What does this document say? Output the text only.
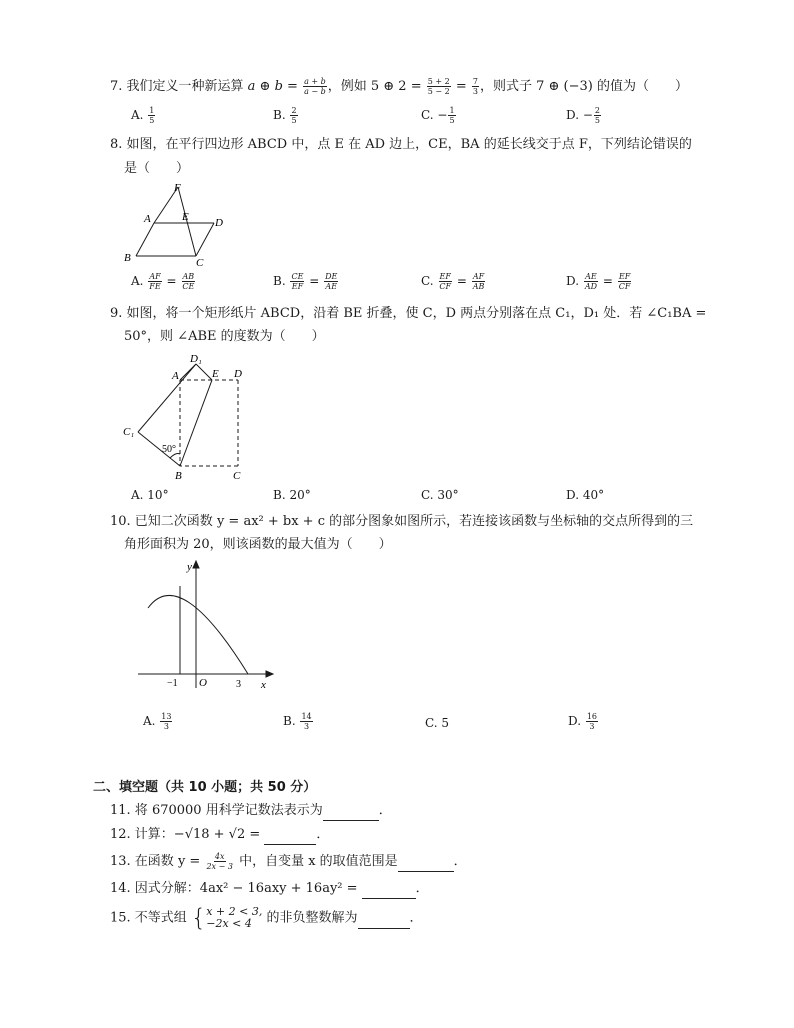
7. 我们定义一种新运算 a ⊕ $b = \frac{a + b}{a - b}$ ，例如 5 ⊕ $2 = \frac{5 + 2}{5 - 2} = \frac{7}{3}$ ，则式子 7 ⊕ (−3) 的值为（　　）
A. $\frac{1}{5}$	B. $\frac{2}{5}$	C. − $\frac{1}{5}$	D. − $\frac{2}{5}$
8. 如图，在平行四边形 ABCD 中，点 E 在 AD 边上，CE，BA 的延长线交于点 F，下列结论错误的
是（　　）
F
A	E D
B	C
A. $\frac{AF}{FE} = \frac{AB}{CE}$	B. $\frac{CE}{EF} = \frac{DE}{AE}$	C. $\frac{EF}{CF} = \frac{AF}{AB}$	D. $\frac{AE}{AD} = \frac{EF}{CF}$
9. 如图，将一个矩形纸片 ABCD，沿着 BE 折叠，使 C，D 两点分别落在点 C₁，D₁ 处．若 ∠C₁BA =
50°，则 ∠ABE 的度数为（　　）
D₁
A	E D
C₁
50°
B	C
A. 10°	B. 20°	C. 30°	D. 40°
10. 已知二次函数 y = ax² + bx + c 的部分图象如图所示，若连接该函数与坐标轴的交点所得到的三
角形面积为 20，则该函数的最大值为（　　）
y
x
−1 O	3
A. $\frac{13}{3}$	B. $\frac{14}{3}$	C. 5	D. $\frac{16}{3}$
二、填空题（共 10 小题；共 50 分）
11. 将 670000 用科学记数法表示为	．
12. 计算：−√18 + √2 =	．
13. 在函数 $y = \frac{4x}{2x - 3}$ 中，自变量 x 的取值范围是	．
14. 因式分解：4ax² − 16axy + 16ay² =	．
15. 不等式组 { x + 2 < 3,
−2x < 4 的非负整数解为	．
